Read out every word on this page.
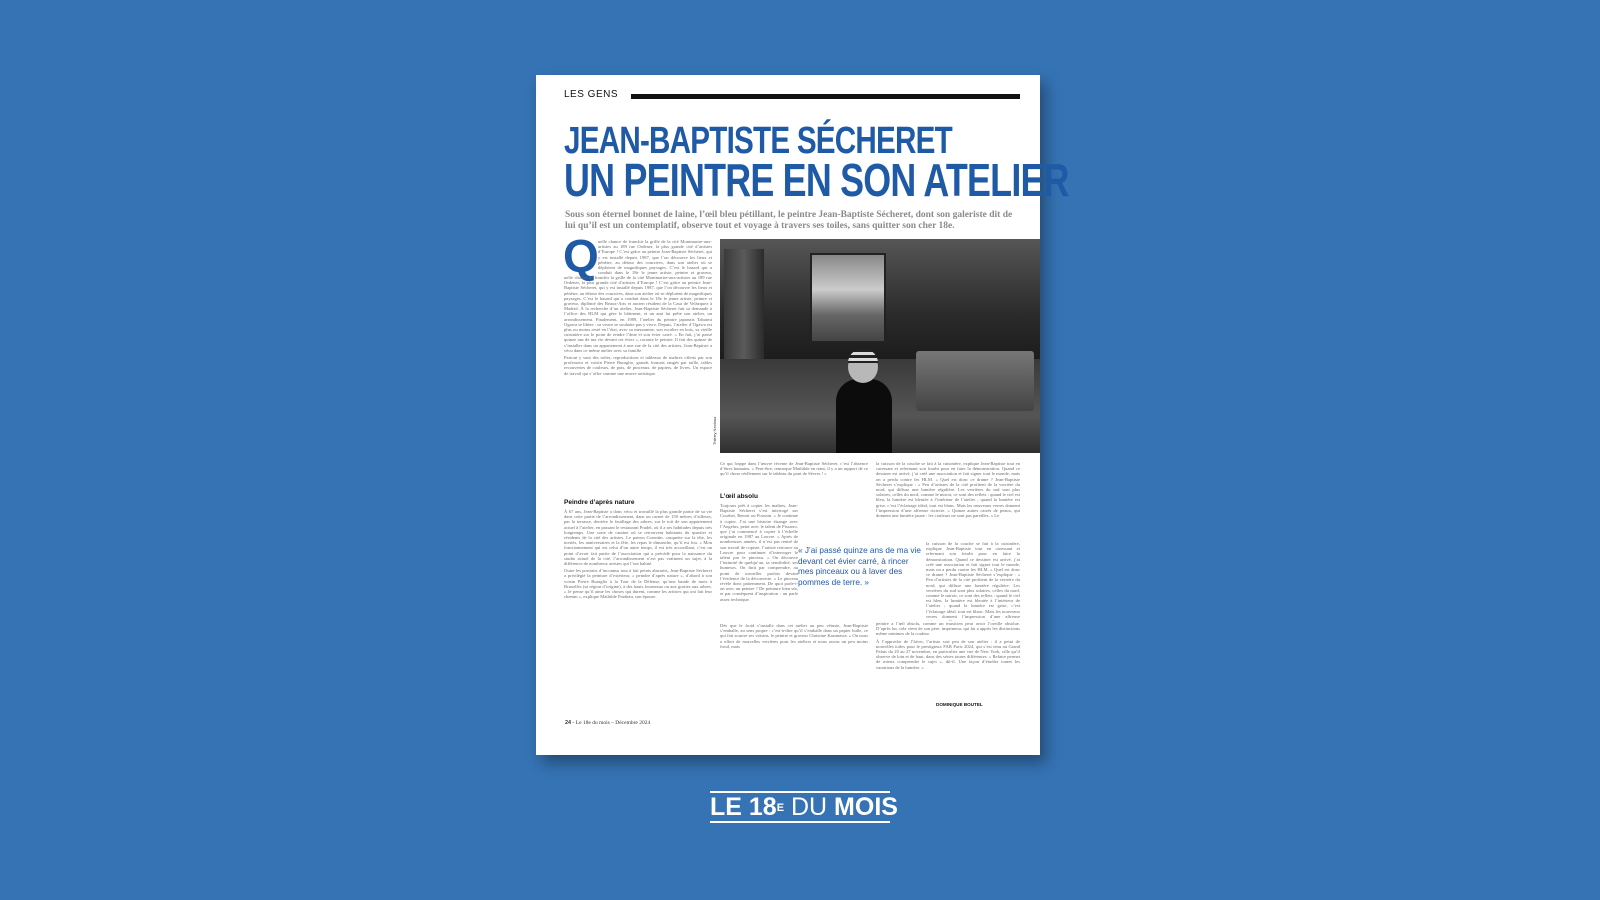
LES GENS
JEAN-BAPTISTE SÉCHERET
UN PEINTRE EN SON ATELIER
Sous son éternel bonnet de laine, l’œil bleu pétillant, le peintre Jean-Baptiste Sécheret, dont son galeriste dit de lui qu’il est un contemplatif, observe tout et voyage à travers ses toiles, sans quitter son cher 18e.
Q uelle chance de franchir la grille de la cité Montmartre-aux-artistes au 189 rue Ordener, la plus grande cité d’artistes d’Europe ! C’est grâce au peintre Jean-Baptiste Sécheret, qui y est installé depuis 1987, que l’on découvre les lieux et pénètre, au détour des coursives, dans son atelier où se déploient de magnifiques paysages. C’est le hasard qui a conduit dans le 18e le jeune artiste, peintre et graveur,

uelle chance de franchir la grille de la cité Montmartre-aux-artistes au 189 rue Ordener, la plus grande cité d’artistes d’Europe ! C’est grâce au peintre Jean-Baptiste Sécheret, qui y est installé depuis 1987, que l’on découvre les lieux et pénètre, au détour des coursives, dans son atelier où se déploient de magnifiques paysages. C’est le hasard qui a conduit dans le 18e le jeune artiste, peintre et graveur, diplômé des Beaux-Arts et ancien résident de la Casa de Velázquez à Madrid. À la recherche d’un atelier, Jean-Baptiste Sécheret fait sa demande à l’office des HLM qui gère le bâtiment, et un ami lui prête son atelier, un arrondissement. Finalement, en 1989, l’atelier du peintre japonais Tabaimi Ogawa se libère : sa veuve se souhaite pas y vivre. Depuis, l’atelier d’Ogawa est plus ou moins resté en l’état, avec sa mezzanine, son escalier en bois, sa vieille cuisinière sur le point de rendre l’âme et son évier carré. « En fait, j’ai passé quinze ans de ma vie devant cet évier », raconte le peintre. Il fait des quinze de s’installer dans un appartement à une rue de la cité des artistes, Jean-Baptiste a vécu dans ce même atelier avec sa famille.

Partout y sont des toiles, reproductions et tableaux de maîtres offerts par son professeur et voisin Pierre Buraglio, grands formats rangés par taille, tables recouvertes de couleurs, de pots, de pinceaux, de papiers, de livres. Un espace de travail qui s’offre comme une œuvre artistique.

Peindre d’après nature

À 67 ans, Jean-Baptiste a donc vécu et travaillé la plus grande partie de sa vie dans cette partie de l’arrondissement, dans un carnet de 150 métres d’ailleurs, par la terrasse, derrière le feuillage des arbres, sur le toit de son appartement actuel à l’atelier, en passant le restaurant Pradel, où il a ses habitudes depuis très longtemps. Une sorte de cantine où se retrouvent habitants du quartier et résidents de la cité des artistes. Le patron Corentin, casquette sur la tête, les invités, les anniversaires et la fête, les repas le dimanche, qu’il est fou. « Mon fonctionnement qui est celui d’un autre temps, il est très accueillant, c’est un point d’avoir fait partie de l’association qui a précédé pour la naissance du studio actuel de la cité, l’arrondissement n’est pas vraiment un sujet, à la différence de nombreux artistes qui l’ont habité.

Outre les portraits d’inconnus tout à fait peints abstraits, Jean-Baptiste Sécheret a privilégié la peinture d’extérieur, « peindre d’après nature », d’abord à son voisin Pierre Buraglio à la Tour de la Défense, qu’une bande de mots à Bruxelles (sa région d’origine), à des hauts fourneaux ou aux grottes aux arbres. « Je pense qu’il aime les choses qui durent, comme les artistes qui ont fait leur chemin », explique Mathilde Pradeau, son épouse.

Thierry Nectoux

Ce qui frappe dans l’œuvre récente de Jean-Baptiste Sécheret, c’est l’absence d’êtres humains. « Peut-être, remarque Mathilde en riant, il y a un rapport de ce qu’il chose réellement sur le tableau du pont de Sèvres ! »

L’œil absolu

Toujours prêt à copier les maîtres, Jean-Baptiste Sécheret s’est interrogé sur Courbet, Renoir ou Poussin. « Je continue à copier. J’ai une histoire étrange avec l’Angelus, peint avec le talent de Pissarro, que j’ai commencé à copier à l’échelle originale en 1987 au Louvre. » Après de nombreuses années, il n’est pas rentré de son travail de copiste, l’artiste retrouve au Louvre pour continuer d’interroger le talent par le pinceau. « On découvre l’intimité de quelqu’un, sa sensibilité, ses humeurs. On finit par comprendre, au point de travailler parfois devant l’évidence de la découverte. » Le pinceau révèle donc patiemment. De quoi parle-t-on avec un peintre ? De peinture bien sûr, et par conséquent d’inspiration : un parle assez technique.

Dès que le froid s’installe dans cet atelier au peu vétuste, Jean-Baptiste s’emballe, au sens propre : c’est-à-dire qu’il s’emballe dans un papier bulle, ce qui fait sourire ses voisins, le peintre et graveur Christine Kazanawa. « On nous a offert de nouvelles verrières pour les ateliers et nous avons un peu moins froid, mais

« J’ai passé quinze ans de ma vie devant cet évier carré, à rincer mes pinceaux ou à laver des pommes de terre. »

la cuisson de la couche se fait à la cuisinière, explique Jean-Baptiste tout en caressant et refermant son fourbi pour en faire la démonstration. Quand ce dessiner est arrivé, j’ai créé une association et fait signer tout le monde, mais on a perdu contre les HLM. » Quel est donc ce drame ? Jean-Baptiste Sécheret s’explique : « Peu d’artistes de la cité profitent de la verrière du nord, qui diffuse une lumière régulière. Les verrières du sud sont plus solaires, celles du nord, comme le miroir, ce sont des reflets : quand le ciel est bleu, la lumière est bleutée à l’intérieur de l’atelier ; quand la lumière est grise, c’est l’éclairage idéal, tout est blanc. Mais les nouveaux verres donnent l’impression d’une affreuse rixiecte. » Quinze autres carrés de peaux, qui donnent une lumière jaune : les couleurs ne sont pas pareilles. » Le

la cuisson de la couche se fait à la cuisinière, explique Jean-Baptiste tout en caressant et refermant son fourbi pour en faire la démonstration. Quand ce dessiner est arrivé, j’ai créé une association et fait signer tout le monde, mais on a perdu contre les HLM. » Quel est donc ce drame ? Jean-Baptiste Sécheret s’explique : « Peu d’artistes de la cité profitent de la verrière du nord, qui diffuse une lumière régulière. Les verrières du sud sont plus solaires, celles du nord, comme le miroir, ce sont des reflets : quand le ciel est bleu, la lumière est bleutée à l’intérieur de l’atelier ; quand la lumière est grise, c’est l’éclairage idéal, tout est blanc. Mais les nouveaux verres donnent l’impression d’une affreuse

peintre a l’œil absolu, comme un musicien peut avoir l’oreille absolue. D’après lui, cela vient de son père, imprimeur, qui lui a appris les distinctions même minimes de la couleur.

À l’approche de l’hiver, l’artiste sort peu de son atelier : il a peint de nouvelles toiles pour le prestigieux FAB Paris 2024, qui s’est tenu au Grand Palais du 20 au 27 novembre, en particulier une vue de New York, ville qu’il observe de loin et de haut, dans des séries toutes différentes. « Refaire permet de mieux comprendre le sujet », dit-il. Une façon d’étudier toutes les variations de la lumière. »

DOMINIQUE BOUTEL
24 - Le 18e du mois – Décembre 2024
LE $18^E$ DU MOIS
